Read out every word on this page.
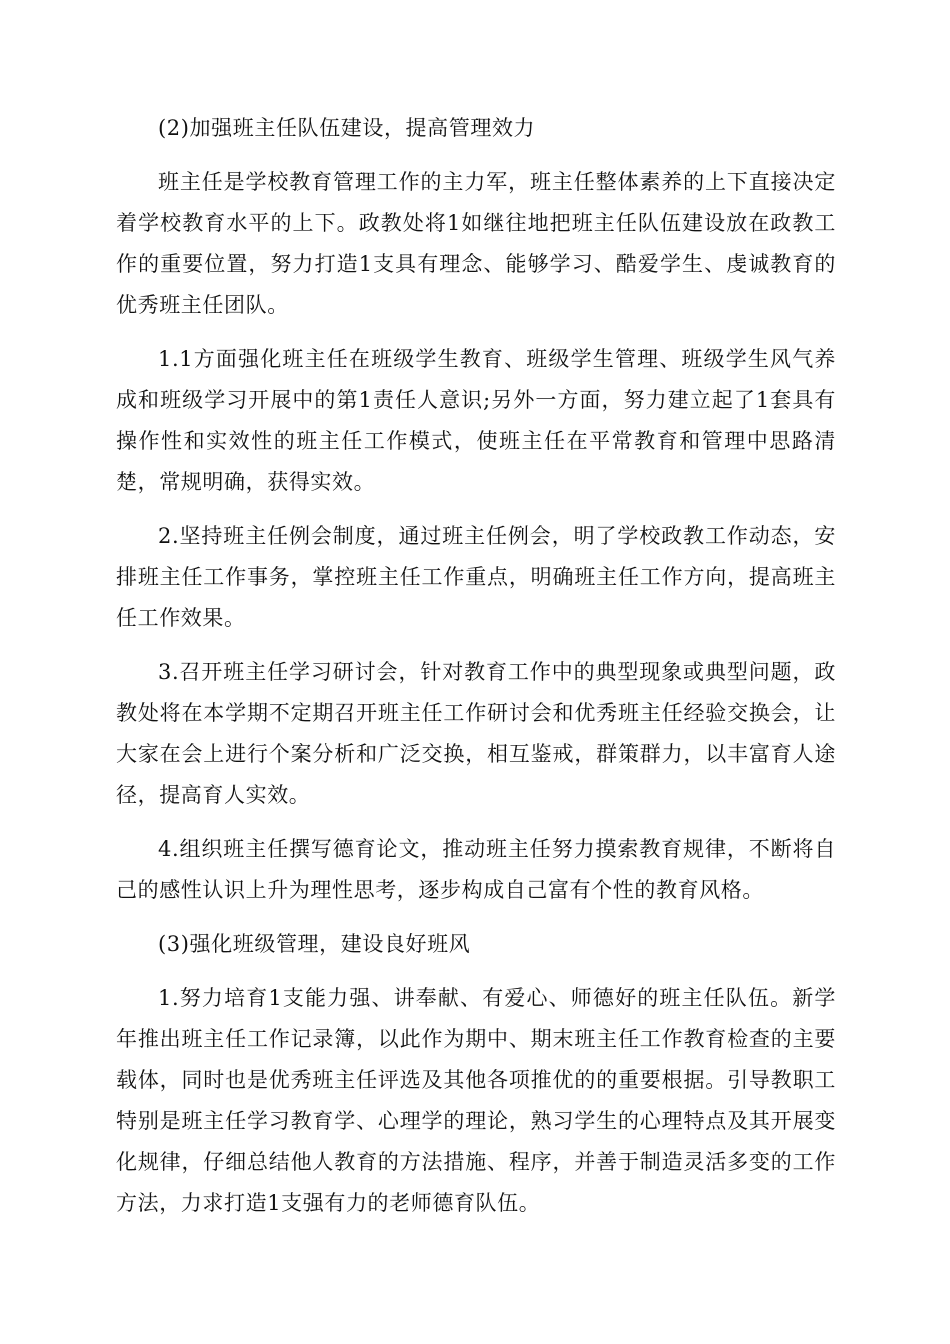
(2)加强班主任队伍建设，提高管理效力

班主任是学校教育管理工作的主力军，班主任整体素养的上下直接决定着学校教育水平的上下。政教处将1如继往地把班主任队伍建设放在政教工作的重要位置，努力打造1支具有理念、能够学习、酷爱学生、虔诚教育的优秀班主任团队。

1.1方面强化班主任在班级学生教育、班级学生管理、班级学生风气养成和班级学习开展中的第1责任人意识;另外一方面，努力建立起了1套具有操作性和实效性的班主任工作模式，使班主任在平常教育和管理中思路清楚，常规明确，获得实效。

2.坚持班主任例会制度，通过班主任例会，明了学校政教工作动态，安排班主任工作事务，掌控班主任工作重点，明确班主任工作方向，提高班主任工作效果。

3.召开班主任学习研讨会，针对教育工作中的典型现象或典型问题，政教处将在本学期不定期召开班主任工作研讨会和优秀班主任经验交换会，让大家在会上进行个案分析和广泛交换，相互鉴戒，群策群力，以丰富育人途径，提高育人实效。

4.组织班主任撰写德育论文，推动班主任努力摸索教育规律，不断将自己的感性认识上升为理性思考，逐步构成自己富有个性的教育风格。

(3)强化班级管理，建设良好班风

1.努力培育1支能力强、讲奉献、有爱心、师德好的班主任队伍。新学年推出班主任工作记录簿，以此作为期中、期末班主任工作教育检查的主要载体，同时也是优秀班主任评选及其他各项推优的的重要根据。引导教职工特别是班主任学习教育学、心理学的理论，熟习学生的心理特点及其开展变化规律，仔细总结他人教育的方法措施、程序，并善于制造灵活多变的工作方法，力求打造1支强有力的老师德育队伍。
